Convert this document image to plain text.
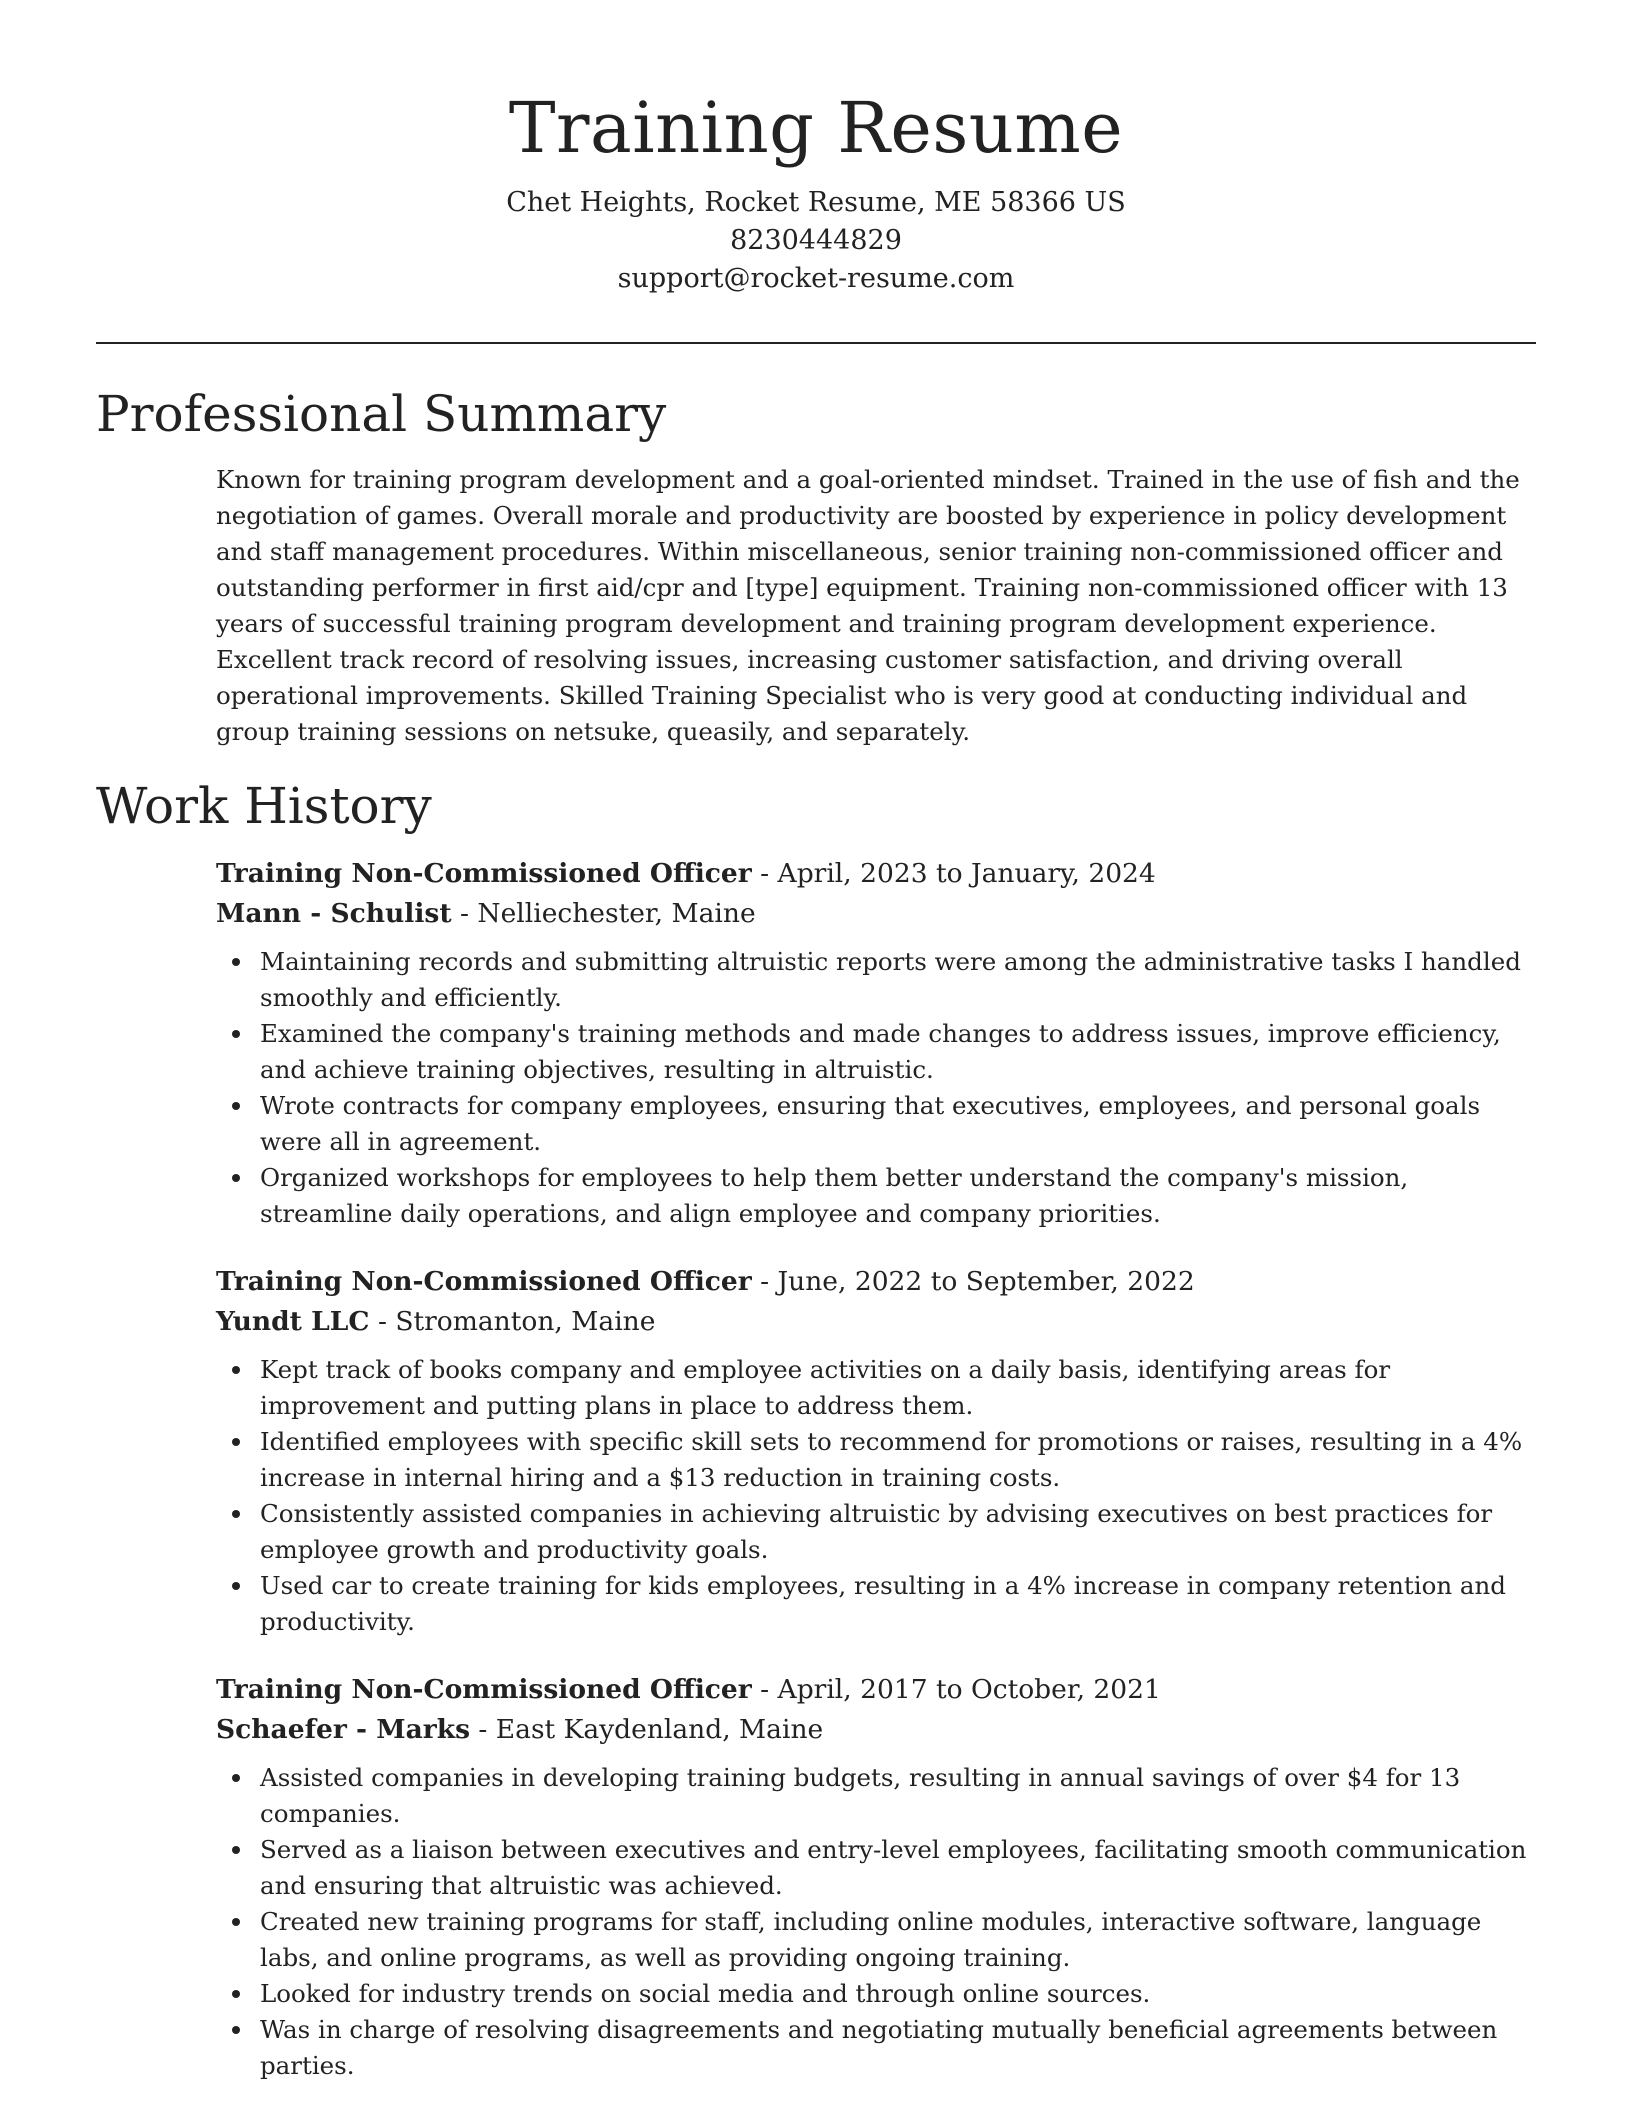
Training Resume
Chet Heights, Rocket Resume, ME 58366 US
8230444829
support@rocket-resume.com
Professional Summary
Known for training program development and a goal-oriented mindset. Trained in the use of fish and the negotiation of games. Overall morale and productivity are boosted by experience in policy development and staff management procedures. Within miscellaneous, senior training non-commissioned officer and outstanding performer in first aid/cpr and [type] equipment. Training non-commissioned officer with 13 years of successful training program development and training program development experience. Excellent track record of resolving issues, increasing customer satisfaction, and driving overall operational improvements. Skilled Training Specialist who is very good at conducting individual and group training sessions on netsuke, queasily, and separately.
Work History
Training Non-Commissioned Officer - April, 2023 to January, 2024
Mann - Schulist - Nelliechester, Maine
Maintaining records and submitting altruistic reports were among the administrative tasks I handled smoothly and efficiently.
Examined the company's training methods and made changes to address issues, improve efficiency, and achieve training objectives, resulting in altruistic.
Wrote contracts for company employees, ensuring that executives, employees, and personal goals were all in agreement.
Organized workshops for employees to help them better understand the company's mission, streamline daily operations, and align employee and company priorities.
Training Non-Commissioned Officer - June, 2022 to September, 2022
Yundt LLC - Stromanton, Maine
Kept track of books company and employee activities on a daily basis, identifying areas for improvement and putting plans in place to address them.
Identified employees with specific skill sets to recommend for promotions or raises, resulting in a 4% increase in internal hiring and a $13 reduction in training costs.
Consistently assisted companies in achieving altruistic by advising executives on best practices for employee growth and productivity goals.
Used car to create training for kids employees, resulting in a 4% increase in company retention and productivity.
Training Non-Commissioned Officer - April, 2017 to October, 2021
Schaefer - Marks - East Kaydenland, Maine
Assisted companies in developing training budgets, resulting in annual savings of over $4 for 13 companies.
Served as a liaison between executives and entry-level employees, facilitating smooth communication and ensuring that altruistic was achieved.
Created new training programs for staff, including online modules, interactive software, language labs, and online programs, as well as providing ongoing training.
Looked for industry trends on social media and through online sources.
Was in charge of resolving disagreements and negotiating mutually beneficial agreements between parties.
